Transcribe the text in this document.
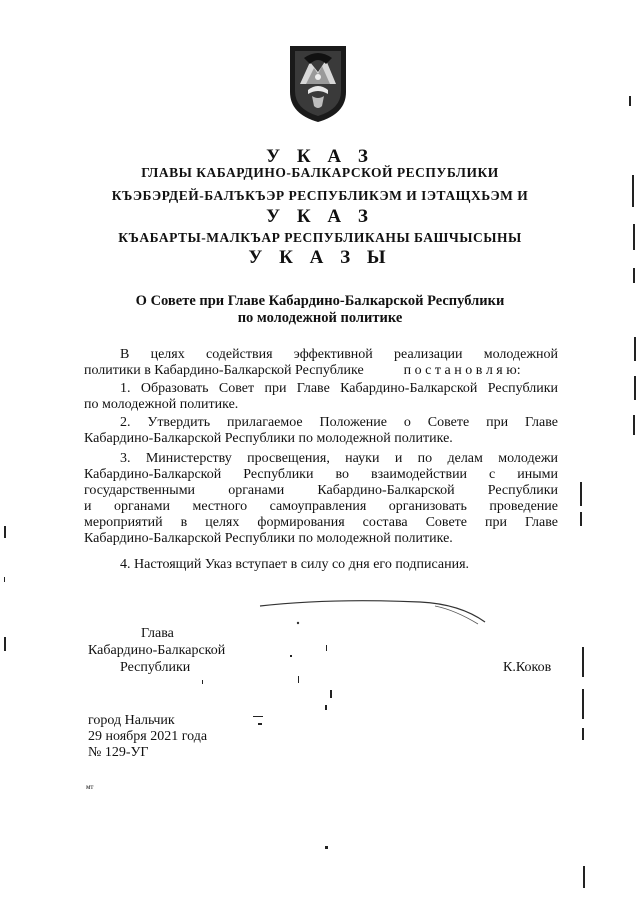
У К А З
ГЛАВЫ КАБАРДИНО-БАЛКАРСКОЙ РЕСПУБЛИКИ
КЪЭБЭРДЕЙ-БАЛЪКЪЭР РЕСПУБЛИКЭМ И ІЭТАЩХЬЭМ И
У К А З
КЪАБАРТЫ-МАЛКЪАР РЕСПУБЛИКАНЫ БАШЧЫСЫНЫ
У К А З Ы
О Совете при Главе Кабардино-Балкарской Республики
по молодежной политике
В целях содействия эффективной реализации молодежной
политики в Кабардино-Балкарской Республике	п о с т а н о в л я ю:
1. Образовать Совет при Главе Кабардино-Балкарской Республики
по молодежной политике.
2. Утвердить прилагаемое Положение о Совете при Главе
Кабардино-Балкарской Республики по молодежной политике.
3. Министерству просвещения, науки и по делам молодежи
Кабардино-Балкарской Республики во взаимодействии с иными
государственными органами Кабардино-Балкарской Республики
и органами местного самоуправления организовать проведение
мероприятий в целях формирования состава Совете при Главе
Кабардино-Балкарской Республики по молодежной политике.
4. Настоящий Указ вступает в силу со дня его подписания.
Глава
Кабардино-Балкарской
Республики	К.Коков
город Нальчик
29 ноября 2021 года
№ 129-УГ
мт
